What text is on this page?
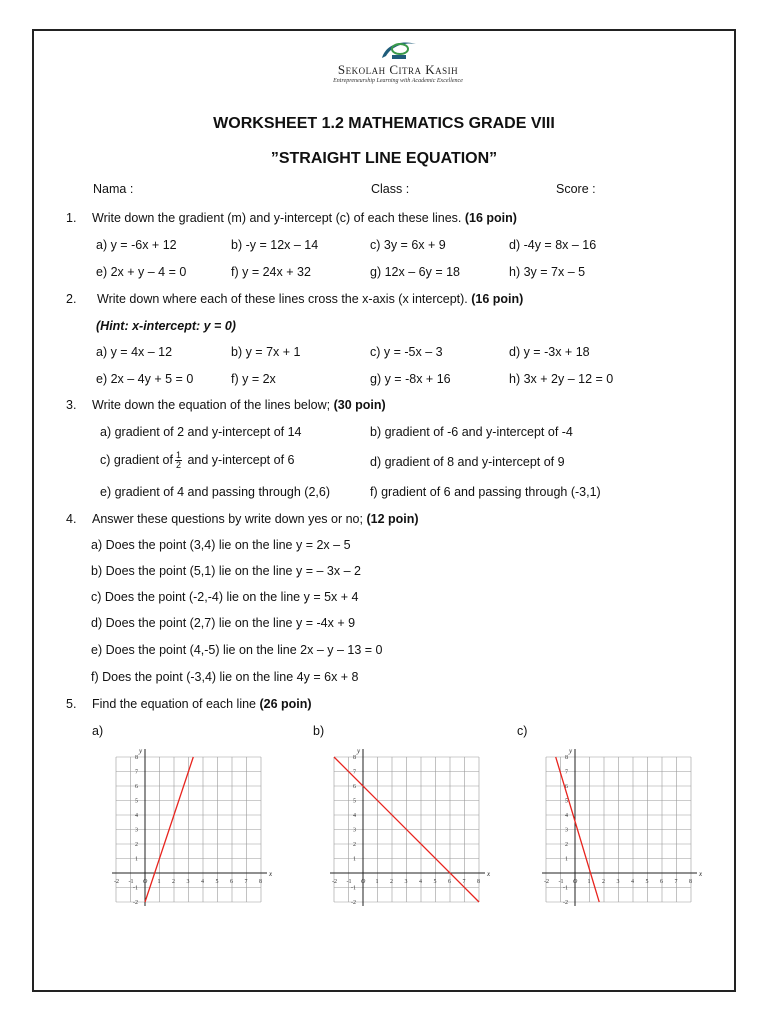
Sekolah Citra Kasih
Entrepreneurship Learning with Academic Excellence
WORKSHEET 1.2 MATHEMATICS GRADE VIII
”STRAIGHT LINE EQUATION”
Nama :	Class :	Score :
1. Write down the gradient (m) and y-intercept (c) of each these lines. (16 poin)
a) y = -6x + 12	b) -y = 12x – 14	c) 3y = 6x + 9	d) -4y = 8x – 16
e) 2x + y – 4 = 0	f) y = 24x + 32	g) 12x – 6y = 18	h) 3y = 7x – 5
2. Write down where each of these lines cross the x-axis (x intercept). (16 poin)
(Hint: x-intercept: y = 0)
a) y = 4x – 12	b) y = 7x + 1	c) y = -5x – 3	d) y = -3x + 18
e) 2x – 4y + 5 = 0	f) y = 2x	g) y = -8x + 16	h) 3x + 2y – 12 = 0
3. Write down the equation of the lines below; (30 poin)
a) gradient of 2 and y-intercept of 14	b) gradient of -6 and y-intercept of -4
c) gradient of $\frac{1}{2}$ and y-intercept of 6	d) gradient of 8 and y-intercept of 9
e) gradient of 4 and passing through (2,6)	f) gradient of 6 and passing through (-3,1)
4. Answer these questions by write down yes or no; (12 poin)
a) Does the point (3,4) lie on the line y = 2x – 5
b) Does the point (5,1) lie on the line y = – 3x – 2
c) Does the point (-2,-4) lie on the line y = 5x + 4
d) Does the point (2,7) lie on the line y = -4x + 9
e) Does the point (4,-5) lie on the line 2x – y – 13 = 0
f) Does the point (-3,4) lie on the line 4y = 6x + 8
5. Find the equation of each line (26 poin)
a)	b)	c)
x
y
-2 -1 O 1 2 3 4 5 6 7 8
-2
-1
1
2
3
4
5
6
7
8
x
y
-2 -1 O 1 2 3 4 5 6 7 8
-2
-1
1
2
3
4
5
6
7
8
x
y
-2 -1 O 1 2 3 4 5 6 7 8
-2
-1
1
2
3
4
5
6
7
8
